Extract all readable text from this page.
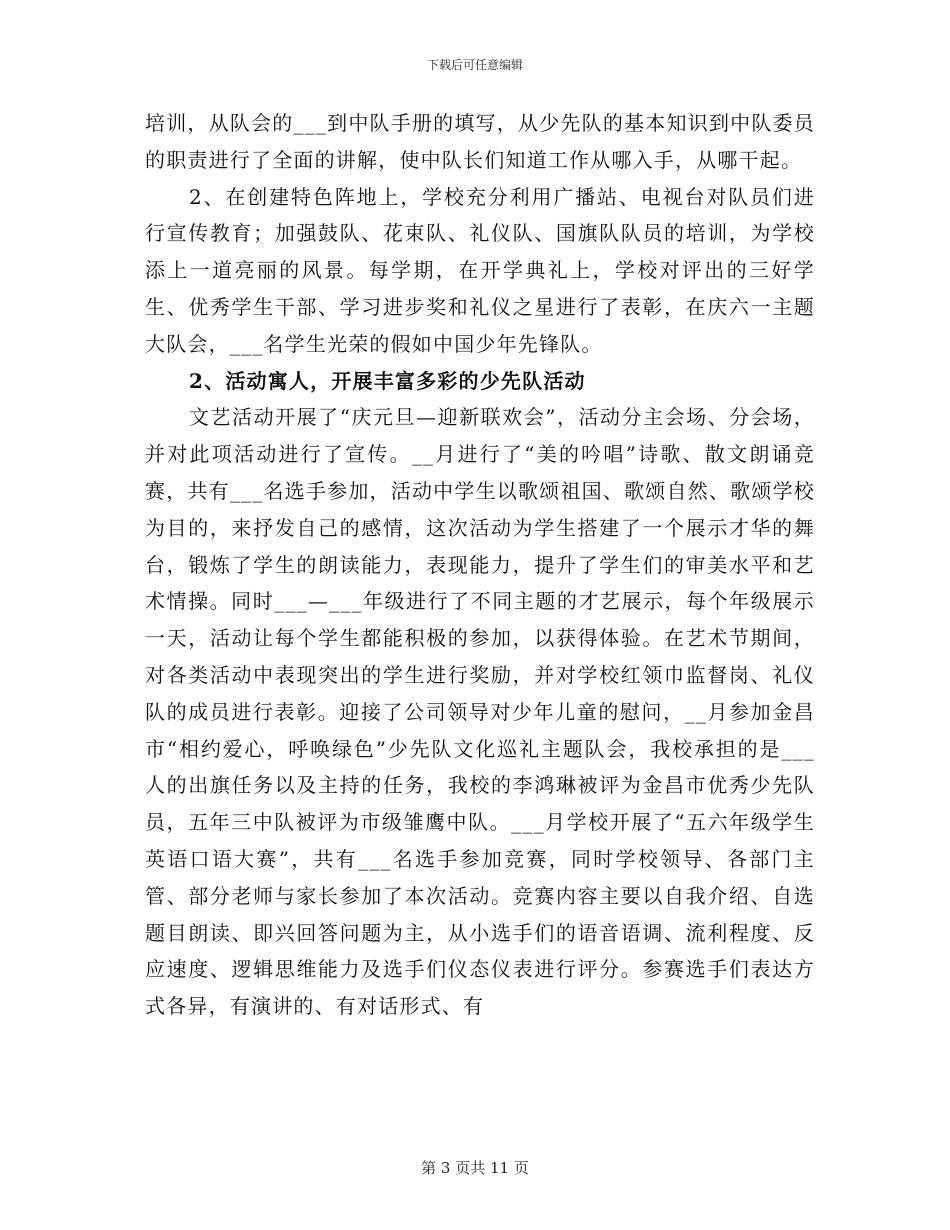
下载后可任意编辑

培训，从队会的___到中队手册的填写，从少先队的基本知识到中队委员的职责进行了全面的讲解，使中队长们知道工作从哪入手，从哪干起。

2、在创建特色阵地上，学校充分利用广播站、电视台对队员们进行宣传教育；加强鼓队、花束队、礼仪队、国旗队队员的培训，为学校添上一道亮丽的风景。每学期，在开学典礼上，学校对评出的三好学生、优秀学生干部、学习进步奖和礼仪之星进行了表彰，在庆六一主题大队会，___名学生光荣的假如中国少年先锋队。

2、活动寓人，开展丰富多彩的少先队活动

文艺活动开展了“庆元旦—迎新联欢会”，活动分主会场、分会场，并对此项活动进行了宣传。__月进行了“美的吟唱”诗歌、散文朗诵竞赛，共有___名选手参加，活动中学生以歌颂祖国、歌颂自然、歌颂学校为目的，来抒发自己的感情，这次活动为学生搭建了一个展示才华的舞台，锻炼了学生的朗读能力，表现能力，提升了学生们的审美水平和艺术情操。同时___—___年级进行了不同主题的才艺展示，每个年级展示一天，活动让每个学生都能积极的参加，以获得体验。在艺术节期间，对各类活动中表现突出的学生进行奖励，并对学校红领巾监督岗、礼仪队的成员进行表彰。迎接了公司领导对少年儿童的慰问，__月参加金昌市“相约爱心，呼唤绿色”少先队文化巡礼主题队会，我校承担的是___人的出旗任务以及主持的任务，我校的李鸿琳被评为金昌市优秀少先队员，五年三中队被评为市级雏鹰中队。___月学校开展了“五六年级学生英语口语大赛”，共有___名选手参加竞赛，同时学校领导、各部门主管、部分老师与家长参加了本次活动。竞赛内容主要以自我介绍、自选题目朗读、即兴回答问题为主，从小选手们的语音语调、流利程度、反应速度、逻辑思维能力及选手们仪态仪表进行评分。参赛选手们表达方式各异，有演讲的、有对话形式、有

第 3 页共 11 页
